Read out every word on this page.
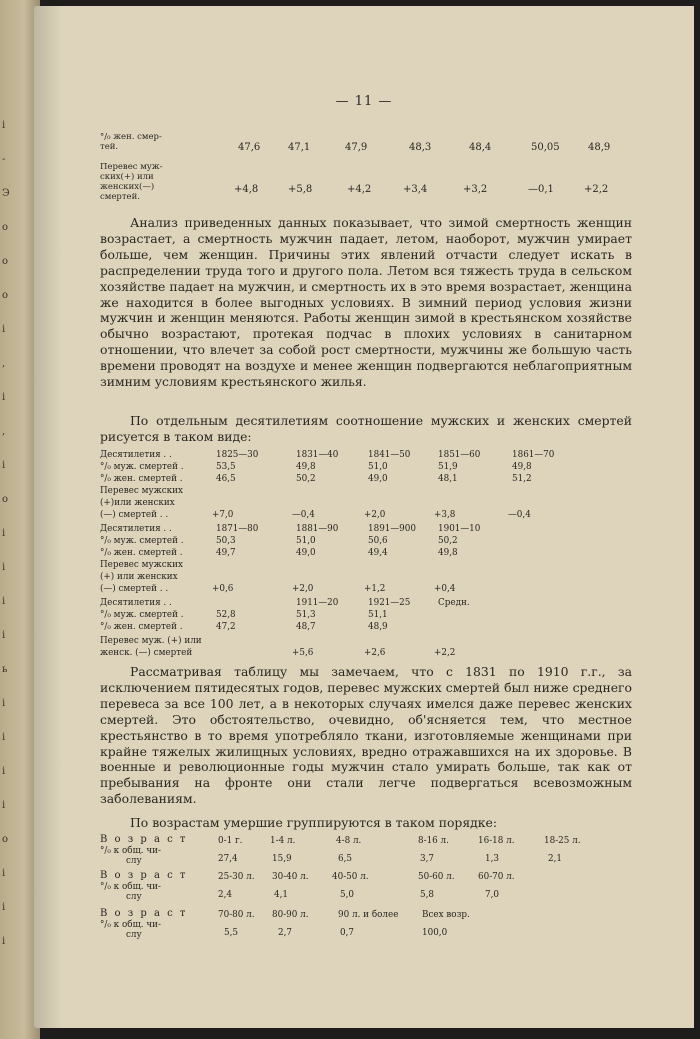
і
-
Э
о
о
о
і
,
і
,
і
о
і
і
і
і
ь
і
і
і
і
о
і
і
і
— 11 —
°/₀ жен. смер-
тей.	47,6	47,1	47,9	48,3	48,4	50,05	48,9
Перевес муж-
ских(+) или
женских(—)
смертей.
+4,8	+5,8	+4,2	+3,4	+3,2	—0,1	+2,2
Анализ приведенных данных показывает, что зимой смертность женщин возрастает, а смертность мужчин падает, летом, наоборот, мужчин умирает больше, чем женщин. Причины этих явлений отчасти следует искать в распределении труда того и другого пола. Летом вся тяжесть труда в сельском хозяйстве падает на мужчин, и смертность их в это время возрастает, женщина же находится в более выгодных условиях. В зимний период условия жизни мужчин и женщин меняются. Работы женщин зимой в крестьянском хозяйстве обычно возрастают, протекая подчас в плохих условиях в санитарном отношении, что влечет за собой рост смертности, мужчины же большую часть времени проводят на воздухе и менее женщин подвергаются неблагоприятным зимним условиям крестьянского жилья.
По отдельным десятилетиям соотношение мужских и женских смертей рисуется в таком виде:
Десятилетия . .	1825—30	1831—40	1841—50	1851—60	1861—70
°/₀ муж. смертей .	53,5	49,8	51,0	51,9	49,8
°/₀ жен. смертей .	46,5	50,2	49,0	48,1	51,2
Перевес мужских
(+)или женских
(—) смертей . .	+7,0	—0,4	+2,0	+3,8	—0,4
Десятилетия . .	1871—80	1881—90	1891—900	1901—10
°/₀ муж. смертей .	50,3	51,0	50,6	50,2
°/₀ жен. смертей .	49,7	49,0	49,4	49,8
Перевес мужских
(+) или женских
(—) смертей . .	+0,6	+2,0	+1,2	+0,4
Десятилетия . .	1911—20	1921—25	Средн.
°/₀ муж. смертей .	52,8	51,3	51,1
°/₀ жен. смертей .	47,2	48,7	48,9
Перевес муж. (+) или
женск. (—) смертей	+5,6	+2,6	+2,2
Рассматривая таблицу мы замечаем, что с 1831 по 1910 г.г., за исключением пятидесятых годов, перевес мужских смертей был ниже среднего перевеса за все 100 лет, а в некоторых случаях имелся даже перевес женских смертей. Это обстоятельство, очевидно, об'ясняется тем, что местное крестьянство в то время употребляло ткани, изготовляемые женщинами при крайне тяжелых жилищных условиях, вредно отражавшихся на их здоровье. В военные и революционные годы мужчин стало умирать больше, так как от пребывания на фронте они стали легче подвергаться всевозможным заболеваниям.
По возрастам умершие группируются в таком порядке:
В о з р а с т	0-1 г.	1-4 л.	4-8 л.	8-16 л.	16-18 л.	18-25 л.
°/₀ к общ. чи-
слу	27,4	15,9	6,5	3,7	1,3	2,1
В о з р а с т	25-30 л. 30-40 л.	40-50 л.	50-60 л.	60-70 л.
°/₀ к общ. чи-
слу	2,4	4,1	5,0	5,8	7,0
В о з р а с т	70-80 л. 80-90 л.	90 л. и более	Всех возр.
°/₀ к общ. чи-
слу	5,5	2,7	0,7	100,0
